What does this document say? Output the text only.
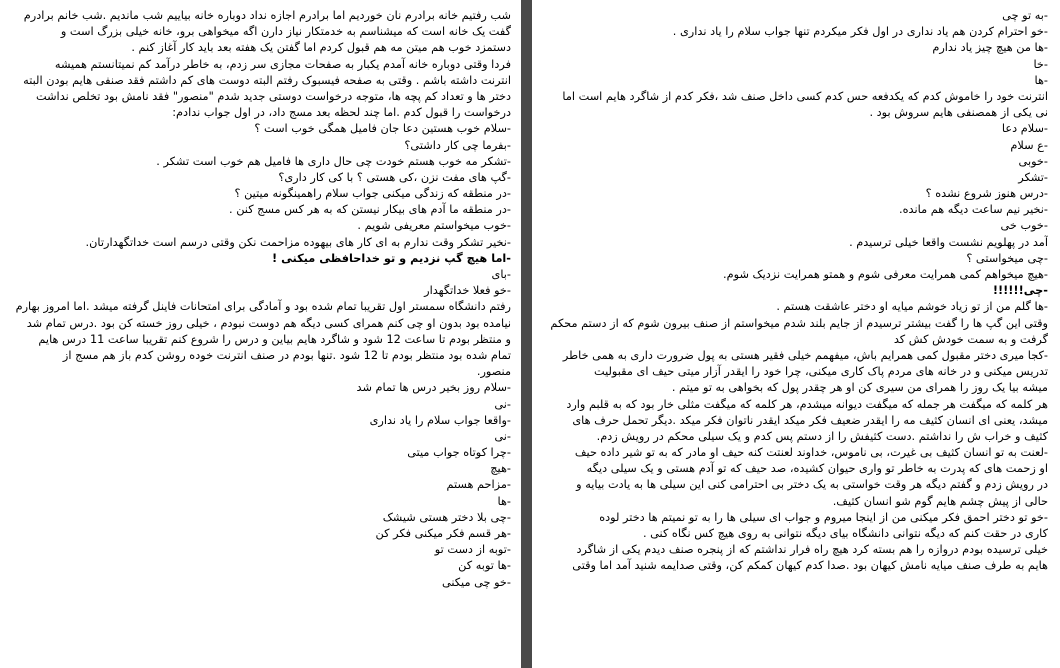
شب رفتیم خانه برادرم نان خوردیم اما برادرم اجازه نداد دوباره خانه بیاییم شب ماندیم .شب خانم برادرم
گفت یک خانه است که میشناسم به خدمتکار نیاز دارن اگه میخواهی برو، خانه خیلی بزرگ است و
دستمزد خوب هم میتن مه هم قبول کردم اما گفتن یک هفته بعد باید کار آغاز کنم .
فردا وقتی دوباره خانه آمدم یکبار به صفحات مجازی سر زدم، به خاطر درآمد کم نمیتانستم همیشه
انترنت داشته باشم . وقتی به صفحه فیسبوک رفتم البته دوست های کم داشتم فقد صنفی هایم بودن البته
دختر ها و تعداد کم پچه ها، متوجه درخواست دوستی جدید شدم "منصور" فقد نامش بود تخلص نداشت
درخواست را قبول کدم .اما چند لحظه بعد مسج داد، در اول جواب ندادم:
-سلام خوب هستین دعا جان فامیل همگی خوب است ؟
-بفرما چی کار داشتی؟
-تشکر مه خوب هستم خودت چی حال داری ها فامیل هم خوب است تشکر .
-گپ های مفت نزن ،کی هستی ؟ با کی کار داری؟
-در منطقه که زندگی میکنی جواب سلام راهمینگونه میتین ؟
-در منطقه ما آدم های بیکار نیستن که به هر کس مسج کنن .
-خوب میخواستم معریفی شویم .
-نخیر تشکر وقت ندارم به ای کار های بیهوده مزاحمت نکن وقتی درسم است خداتگهدارتان.
-اما هیچ گپ نزدیم و تو خداحافظی میکنی !
-بای
-خو فعلا خداتگهدار
رفتم دانشگاه سمستر اول تقریبا تمام شده بود و آمادگی برای امتحانات فاینل گرفته میشد .اما امروز بهارم
نیامده بود بدون او چی کنم همرای کسی دیگه هم دوست نبودم ، خیلی روز خسته کن بود .درس تمام شد
و منتظر بودم تا ساعت 12 شود و شاگرد هایم بیاین و درس را شروع کنم تقریبا ساعت 11 درس هایم
تمام شده بود منتظر بودم تا 12 شود .تنها بودم در صنف انترنت خوده روشن کدم باز هم مسج از
منصور.
-سلام روز بخیر درس ها تمام شد
-نی
-واقعا جواب سلام را یاد نداری
-نی
-چرا کوتاه جواب میتی
-هیچ
-مزاحم هستم
-ها
-چی بلا دختر هستی شیشک
-هر قسم فکر میکنی فکر کن
-توبه از دست تو
-ها توبه کن
-خو چی میکنی
-به تو چی
-خو احترام کردن هم یاد نداری در اول فکر میکردم تنها جواب سلام را یاد نداری .
-ها من هیچ چیز یاد ندارم
-خا
-ها
انترنت خود را خاموش کدم که یکدفعه حس کدم کسی داخل صنف شد ،فکر کدم از شاگرد هایم است اما
نی یکی از همصنفی هایم سروش بود .
-سلام دعا
-ع سلام
-خوبی
-تشکر
-درس هنوز شروع نشده ؟
-نخیر نیم ساعت دیگه هم مانده.
-خوب خی
آمد در پهلویم نشست واقعا خیلی ترسیدم .
-چی میخواستی ؟
-هیچ میخواهم کمی همرایت معرفی شوم و همتو همرایت نزدیک شوم.
-چی!!!!!!
-ها گلم من از تو زیاد خوشم میایه او دختر عاشقت هستم .
وقتی این گپ ها را گفت بیشتر ترسیدم از جایم بلند شدم میخواستم از صنف بیرون شوم که از دستم محکم
گرفت و به سمت خودش کش کد
-کجا میری دختر مقبول کمی همرایم باش، میفهمم خیلی فقیر هستی به پول ضرورت داری به همی خاطر
تدریس میکنی و در خانه های مردم پاک کاری میکنی، چرا خود را ایقدر آزار میتی حیف ای مقبولیت
میشه بیا یک روز را همرای من سیری کن او هر چقدر پول که بخواهی به تو میتم .
هر کلمه که میگفت هر جمله که میگفت دیوانه میشدم، هر کلمه که میگفت مثلی خار بود که به قلبم وارد
میشد، یعنی ای انسان کثیف مه را ایقدر ضعیف فکر میکد ایقدر ناتوان فکر میکد .دیگر تحمل حرف های
کثیف و خراب ش را نداشتم .دست کثیفش را از دستم پس کدم و یک سیلی محکم در رویش زدم.
-لعنت به تو انسان کثیف بی غیرت، بی ناموس، خداوند لعنتت کنه حیف او مادر که به تو شیر داده حیف
او زحمت های که پدرت به خاطر تو واری حیوان کشیده، صد حیف که تو آدم هستی و یک سیلی دیگه
در رویش زدم و گفتم دیگه هر وقت خواستی به یک دختر بی احترامی کنی این سیلی ها به یادت بیایه و
حالی از پیش چشم هایم گوم شو انسان کثیف.
-خو تو دختر احمق فکر میکنی من از اینجا میروم و جواب ای سیلی ها را به تو نمیتم ها دختر لوده
کاری در حقت کنم که دیگه نتوانی دانشگاه بیای دیگه نتوانی به روی هیچ کس نگاه کنی .
خیلی ترسیده بودم دروازه را هم بسته کرد هیچ راه فرار نداشتم که از پنجره صنف دیدم یکی از شاگرد
هایم به طرف صنف میایه نامش کیهان بود .صدا کدم کیهان کمکم کن، وقتی صدایمه شنید آمد اما وقتی
